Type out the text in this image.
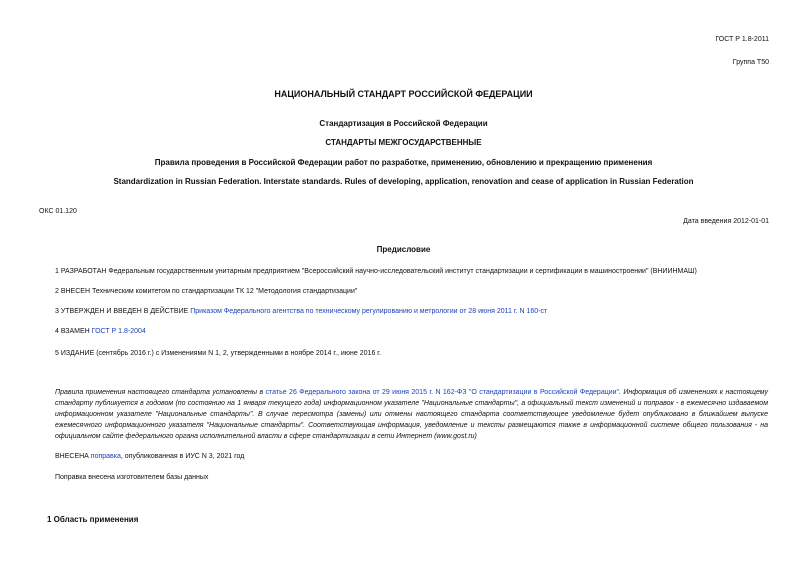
ГОСТ Р 1.8-2011
Группа Т50
НАЦИОНАЛЬНЫЙ СТАНДАРТ РОССИЙСКОЙ ФЕДЕРАЦИИ
Стандартизация в Российской Федерации
СТАНДАРТЫ МЕЖГОСУДАРСТВЕННЫЕ
Правила проведения в Российской Федерации работ по разработке, применению, обновлению и прекращению применения
Standardization in Russian Federation. Interstate standards. Rules of developing, application, renovation and cease of application in Russian Federation
ОКС 01.120
Дата введения 2012-01-01
Предисловие
1 РАЗРАБОТАН Федеральным государственным унитарным предприятием "Всероссийский научно-исследовательский институт стандартизации и сертификации в машиностроении" (ВНИИНМАШ)
2 ВНЕСЕН Техническим комитетом по стандартизации ТК 12 "Методология стандартизации"
3 УТВЕРЖДЕН И ВВЕДЕН В ДЕЙСТВИЕ Приказом Федерального агентства по техническому регулированию и метрологии от 28 июня 2011 г. N 160-ст
4 ВЗАМЕН ГОСТ Р 1.8-2004
5 ИЗДАНИЕ (сентябрь 2016 г.) с Изменениями N 1, 2, утвержденными в ноябре 2014 г., июне 2016 г.
Правила применения настоящего стандарта установлены в статье 26 Федерального закона от 29 июня 2015 г. N 162-ФЗ "О стандартизации в Российской Федерации". Информация об изменениях к настоящему стандарту публикуется в годовом (по состоянию на 1 января текущего года) информационном указателе "Национальные стандарты", а официальный текст изменений и поправок - в ежемесячно издаваемом информационном указателе "Национальные стандарты". В случае пересмотра (замены) или отмены настоящего стандарта соответствующее уведомление будет опубликовано в ближайшем выпуске ежемесячного информационного указателя "Национальные стандарты". Соответствующая информация, уведомление и тексты размещаются также в информационной системе общего пользования - на официальном сайте федерального органа исполнительной власти в сфере стандартизации в сети Интернет (www.gost.ru)
ВНЕСЕНА поправка, опубликованная в ИУС N 3, 2021 год
Поправка внесена изготовителем базы данных
1 Область применения
